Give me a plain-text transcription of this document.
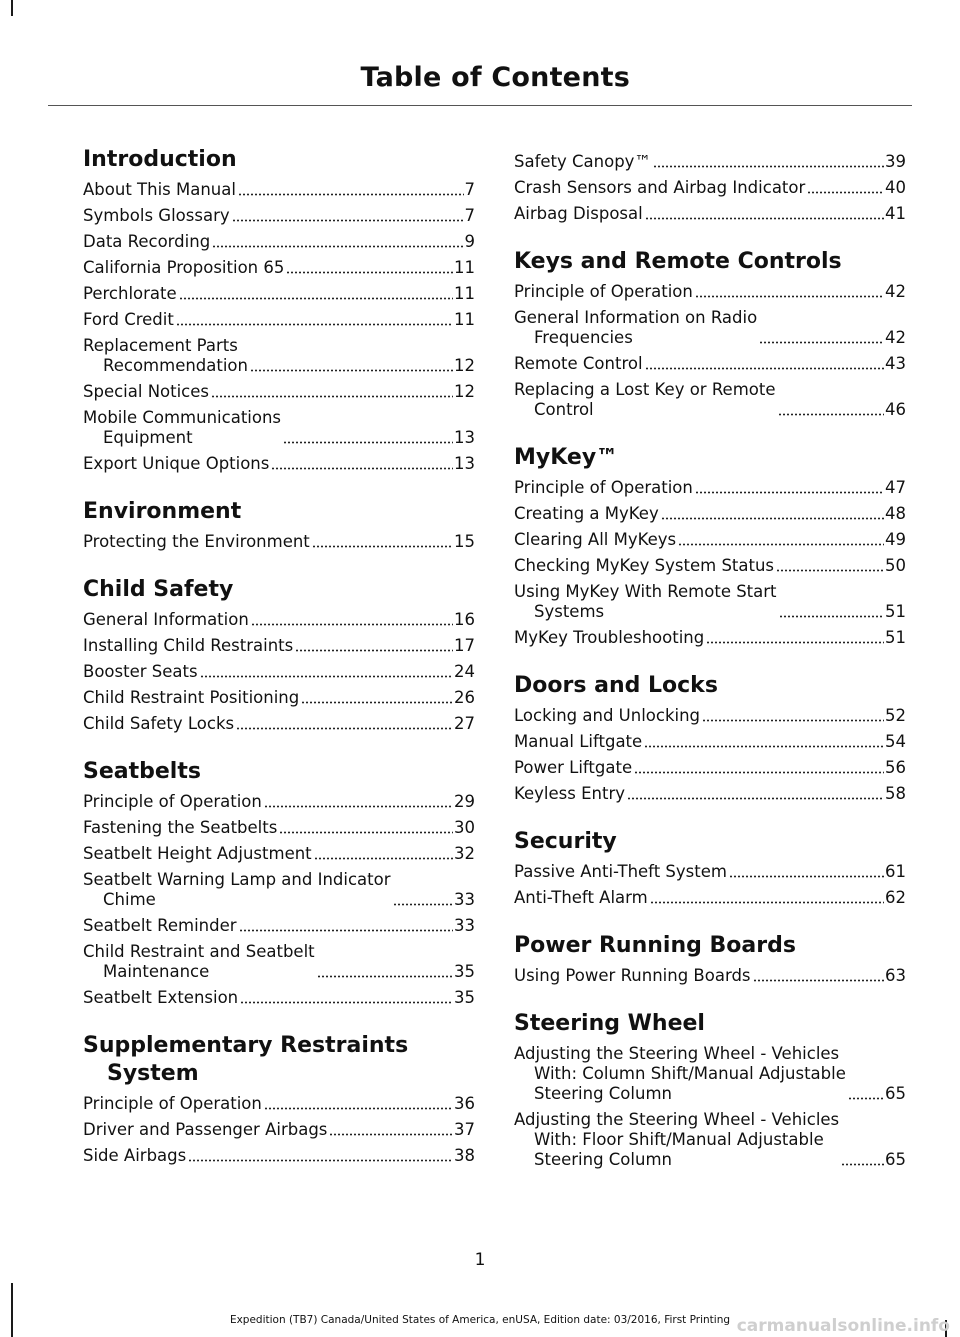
Table of Contents
Introduction
About This Manual	7
Symbols Glossary	7
Data Recording	9
California Proposition 65	11
Perchlorate	11
Ford Credit	11
Replacement Parts
Recommendation	12
Special Notices	12
Mobile Communications
Equipment	13
Export Unique Options	13
Environment
Protecting the Environment	15
Child Safety
General Information	16
Installing Child Restraints	17
Booster Seats	24
Child Restraint Positioning	26
Child Safety Locks	27
Seatbelts
Principle of Operation	29
Fastening the Seatbelts	30
Seatbelt Height Adjustment	32
Seatbelt Warning Lamp and Indicator
Chime	33
Seatbelt Reminder	33
Child Restraint and Seatbelt
Maintenance	35
Seatbelt Extension	35
Supplementary Restraints System
Principle of Operation	36
Driver and Passenger Airbags	37
Side Airbags	38
Safety Canopy™	39
Crash Sensors and Airbag Indicator	40
Airbag Disposal	41
Keys and Remote Controls
Principle of Operation	42
General Information on Radio
Frequencies	42
Remote Control	43
Replacing a Lost Key or Remote
Control	46
MyKey™
Principle of Operation	47
Creating a MyKey	48
Clearing All MyKeys	49
Checking MyKey System Status	50
Using MyKey With Remote Start
Systems	51
MyKey Troubleshooting	51
Doors and Locks
Locking and Unlocking	52
Manual Liftgate	54
Power Liftgate	56
Keyless Entry	58
Security
Passive Anti-Theft System	61
Anti-Theft Alarm	62
Power Running Boards
Using Power Running Boards	63
Steering Wheel
Adjusting the Steering Wheel - Vehicles
With: Column Shift/Manual Adjustable
Steering Column	65
Adjusting the Steering Wheel - Vehicles
With: Floor Shift/Manual Adjustable
Steering Column	65
1
Expedition (TB7) Canada/United States of America, enUSA, Edition date: 03/2016, First Printing carmanualsonline.info
